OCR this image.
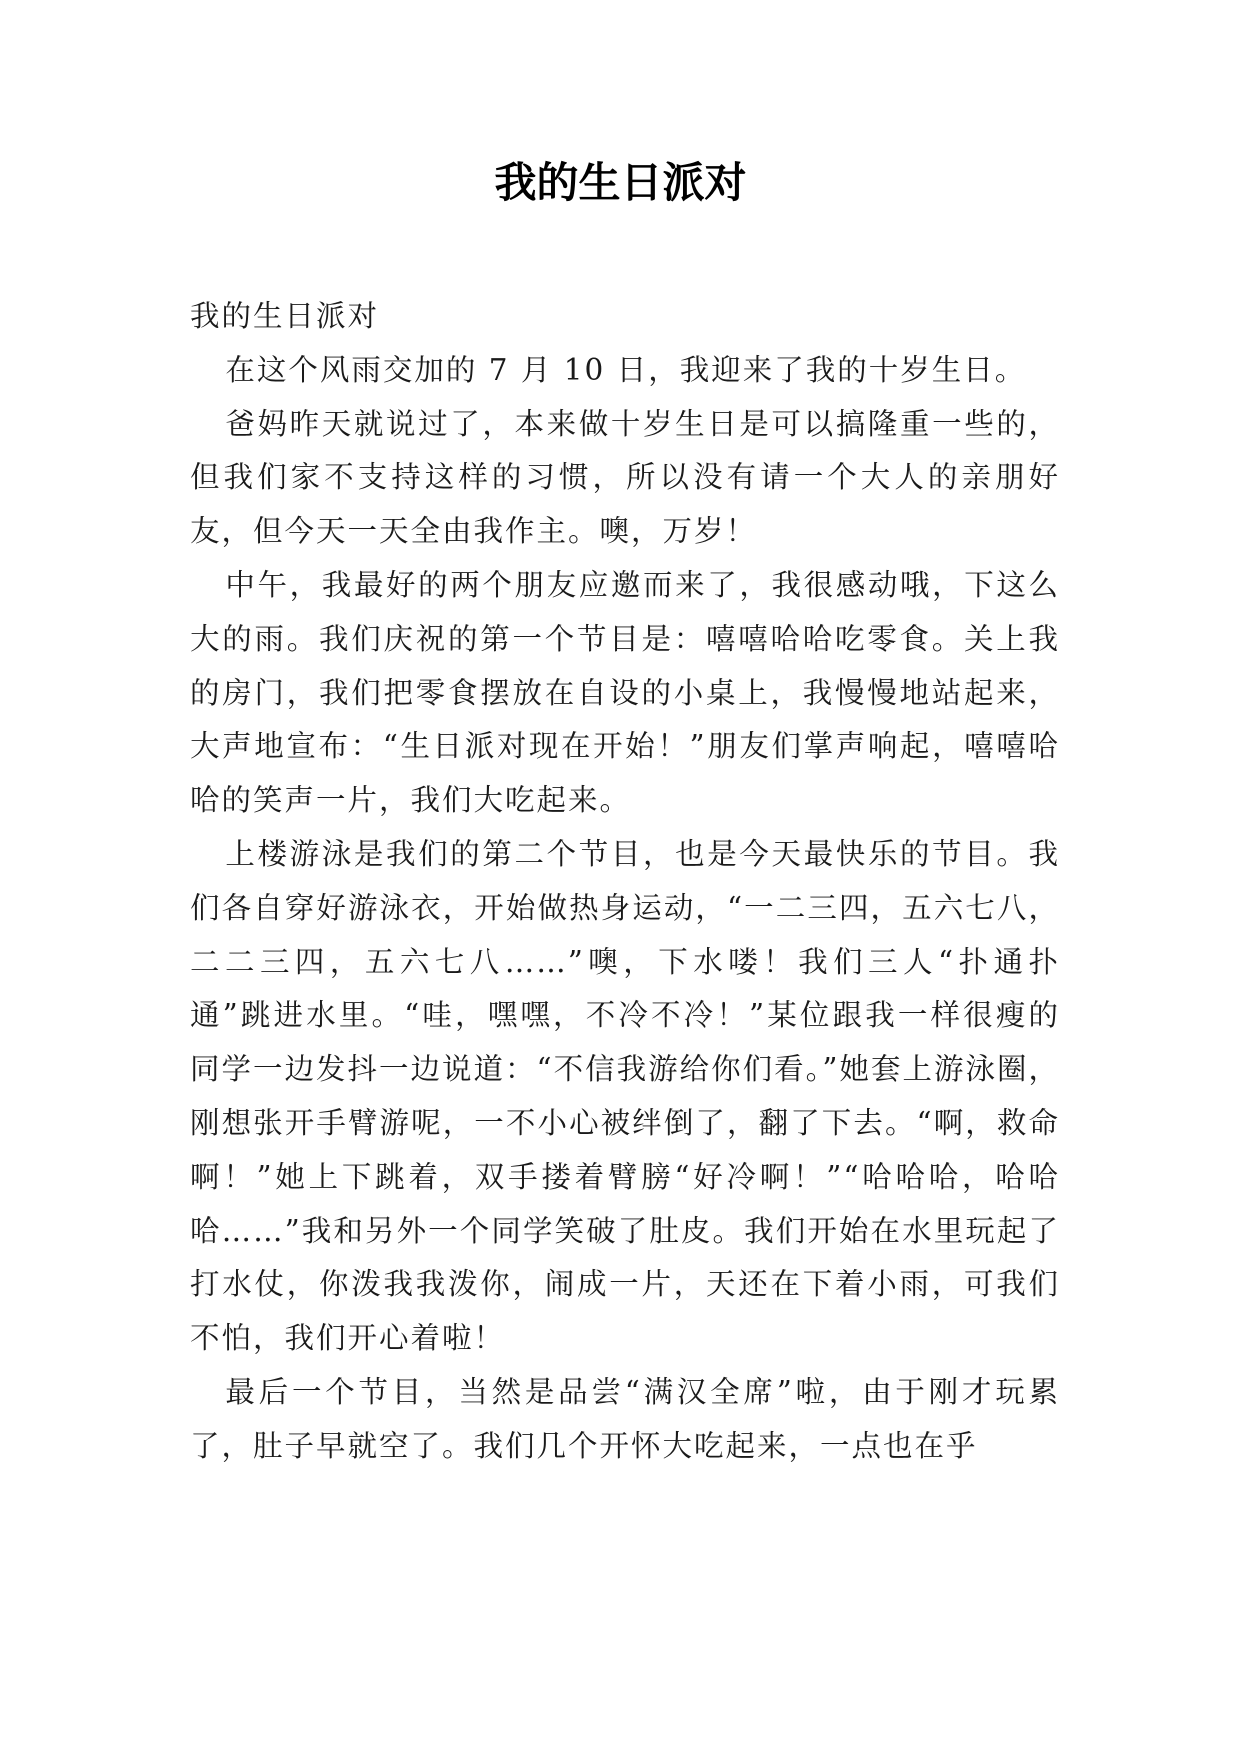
我的生日派对

我的生日派对

在这个风雨交加的 7 月 10 日，我迎来了我的十岁生日。

爸妈昨天就说过了，本来做十岁生日是可以搞隆重一些的，但我们家不支持这样的习惯，所以没有请一个大人的亲朋好友，但今天一天全由我作主。噢，万岁！

中午，我最好的两个朋友应邀而来了，我很感动哦，下这么大的雨。我们庆祝的第一个节目是：嘻嘻哈哈吃零食。关上我的房门，我们把零食摆放在自设的小桌上，我慢慢地站起来，大声地宣布：“生日派对现在开始！”朋友们掌声响起，嘻嘻哈哈的笑声一片，我们大吃起来。

上楼游泳是我们的第二个节目，也是今天最快乐的节目。我们各自穿好游泳衣，开始做热身运动，“一二三四，五六七八，二二三四，五六七八……”噢，下水喽！我们三人“扑通扑通”跳进水里。“哇，嘿嘿，不冷不冷！”某位跟我一样很瘦的同学一边发抖一边说道：“不信我游给你们看。”她套上游泳圈，刚想张开手臂游呢，一不小心被绊倒了，翻了下去。“啊，救命啊！”她上下跳着，双手搂着臂膀“好冷啊！”“哈哈哈，哈哈哈……”我和另外一个同学笑破了肚皮。我们开始在水里玩起了打水仗，你泼我我泼你，闹成一片，天还在下着小雨，可我们不怕，我们开心着啦！

最后一个节目，当然是品尝“满汉全席”啦，由于刚才玩累了，肚子早就空了。我们几个开怀大吃起来，一点也在乎
